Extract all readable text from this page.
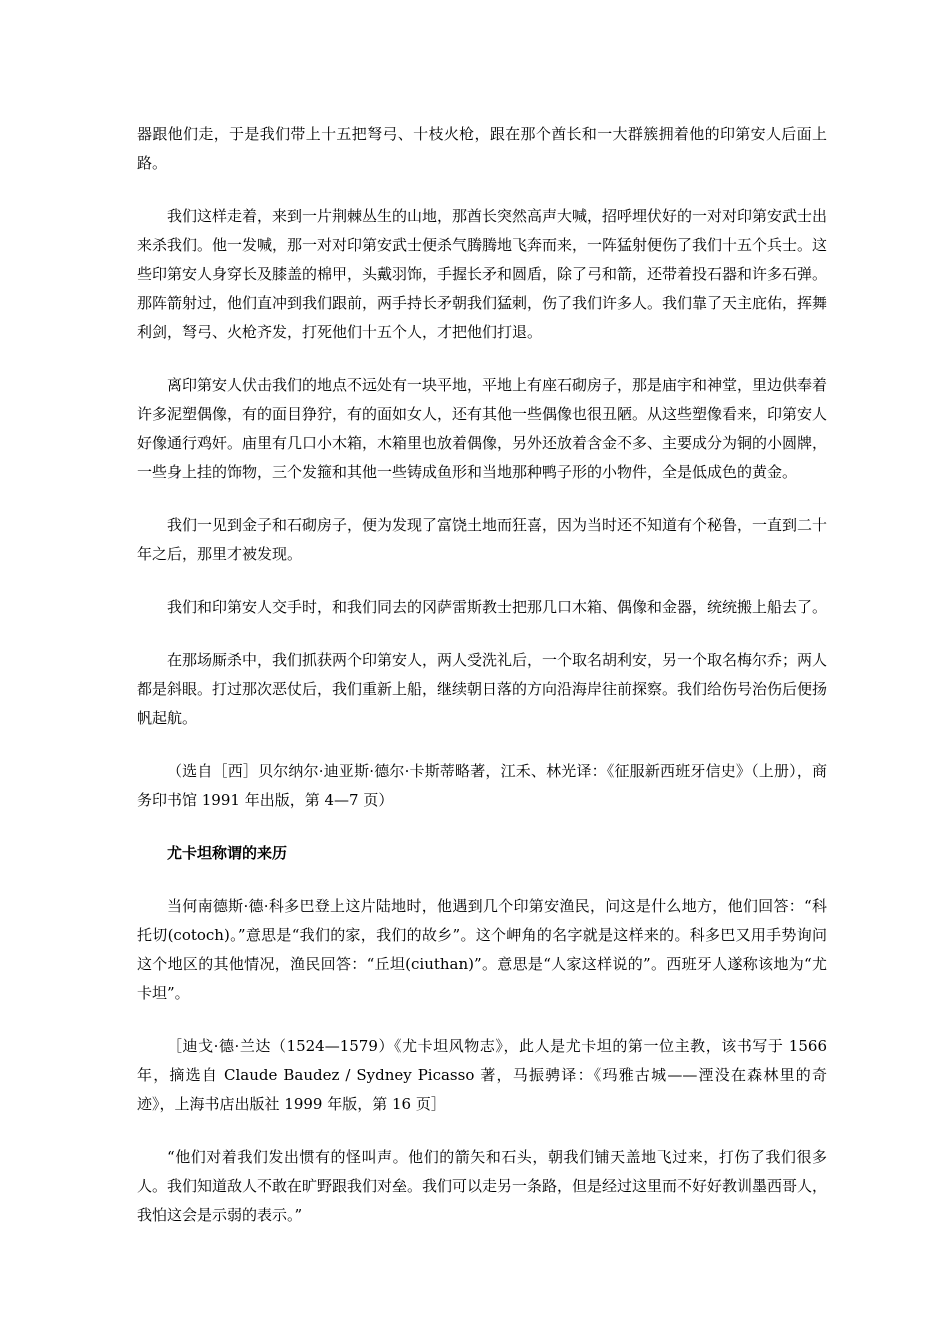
器跟他们走，于是我们带上十五把弩弓、十枝火枪，跟在那个酋长和一大群簇拥着他的印第安人后面上路。

我们这样走着，来到一片荆棘丛生的山地，那酋长突然高声大喊，招呼埋伏好的一对对印第安武士出来杀我们。他一发喊，那一对对印第安武士便杀气腾腾地飞奔而来，一阵猛射便伤了我们十五个兵士。这些印第安人身穿长及膝盖的棉甲，头戴羽饰，手握长矛和圆盾，除了弓和箭，还带着投石器和许多石弹。那阵箭射过，他们直冲到我们跟前，两手持长矛朝我们猛刺，伤了我们许多人。我们靠了天主庇佑，挥舞利剑，弩弓、火枪齐发，打死他们十五个人，才把他们打退。

离印第安人伏击我们的地点不远处有一块平地，平地上有座石砌房子，那是庙宇和神堂，里边供奉着许多泥塑偶像，有的面目狰狞，有的面如女人，还有其他一些偶像也很丑陋。从这些塑像看来，印第安人好像通行鸡奸。庙里有几口小木箱，木箱里也放着偶像，另外还放着含金不多、主要成分为铜的小圆牌，一些身上挂的饰物，三个发箍和其他一些铸成鱼形和当地那种鸭子形的小物件，全是低成色的黄金。

我们一见到金子和石砌房子，便为发现了富饶土地而狂喜，因为当时还不知道有个秘鲁，一直到二十年之后，那里才被发现。

我们和印第安人交手时，和我们同去的冈萨雷斯教士把那几口木箱、偶像和金器，统统搬上船去了。

在那场厮杀中，我们抓获两个印第安人，两人受洗礼后，一个取名胡利安，另一个取名梅尔乔；两人都是斜眼。打过那次恶仗后，我们重新上船，继续朝日落的方向沿海岸往前探察。我们给伤号治伤后便扬帆起航。

（选自［西］贝尔纳尔·迪亚斯·德尔·卡斯蒂略著，江禾、林光译：《征服新西班牙信史》（上册），商务印书馆 1991 年出版，第 4—7 页）

尤卡坦称谓的来历

当何南德斯·德·科多巴登上这片陆地时，他遇到几个印第安渔民，问这是什么地方，他们回答：“科托切(cotoch)。”意思是“我们的家，我们的故乡”。这个岬角的名字就是这样来的。科多巴又用手势询问这个地区的其他情况，渔民回答：“丘坦(ciuthan)”。意思是“人家这样说的”。西班牙人遂称该地为“尤卡坦”。

［迪戈·德·兰达（1524—1579）《尤卡坦风物志》，此人是尤卡坦的第一位主教，该书写于 1566 年，摘选自 Claude Baudez / Sydney Picasso 著，马振骋译：《玛雅古城——湮没在森林里的奇迹》，上海书店出版社 1999 年版，第 16 页］

“他们对着我们发出惯有的怪叫声。他们的箭矢和石头，朝我们铺天盖地飞过来，打伤了我们很多人。我们知道敌人不敢在旷野跟我们对垒。我们可以走另一条路，但是经过这里而不好好教训墨西哥人，我怕这会是示弱的表示。”
